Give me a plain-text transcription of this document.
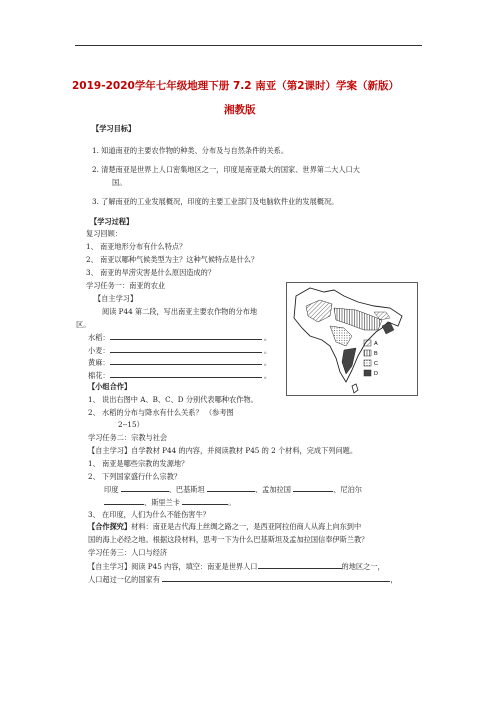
2019-2020学年七年级地理下册 7.2 南亚（第2课时）学案（新版）
湘教版
【学习目标】
1. 知道南亚的主要农作物的种类、分布及与自然条件的关系。
2. 清楚南亚是世界上人口密集地区之一，印度是南亚最大的国家、世界第二大人口大
国。
3. 了解南亚的工业发展概况，印度的主要工业部门及电脑软件业的发展概况。
【学习过程】
复习回顾：
1、 南亚地形分布有什么特点？
2、 南亚以哪种气候类型为主？这种气候特点是什么？
3、 南亚的旱涝灾害是什么原因造成的？
学习任务一：南亚的农业
【自主学习】
阅读 P44 第二段，写出南亚主要农作物的分布地
区。
水稻：	。
小麦：	。
黄麻：	。
棉花：	。
【小组合作】
1、 说出右图中 A、B、C、D 分别代表哪种农作物。
2、 水稻的分布与降水有什么关系？ （参考图
2--15）
学习任务二：宗教与社会
【自主学习】自学教材 P44 的内容，并阅读教材 P45 的 2 个材料，完成下列问题。
1、 南亚是哪些宗教的发源地？
2、 下列国家盛行什么宗教？
印度	、巴基斯坦	、孟加拉国	、尼泊尔
、斯里兰卡	。
3、 在印度，人们为什么不能伤害牛？
【合作探究】材料：南亚是古代海上丝绸之路之一，是西亚阿拉伯商人从海上向东到中
国的海上必经之地。根据这段材料，思考一下为什么巴基斯坦及孟加拉国信奉伊斯兰教？
学习任务三：人口与经济
【自主学习】阅读 P45 内容，填空：南亚是世界人口	的地区之一，
人口超过一亿的国家有	，
A
B
C
D
